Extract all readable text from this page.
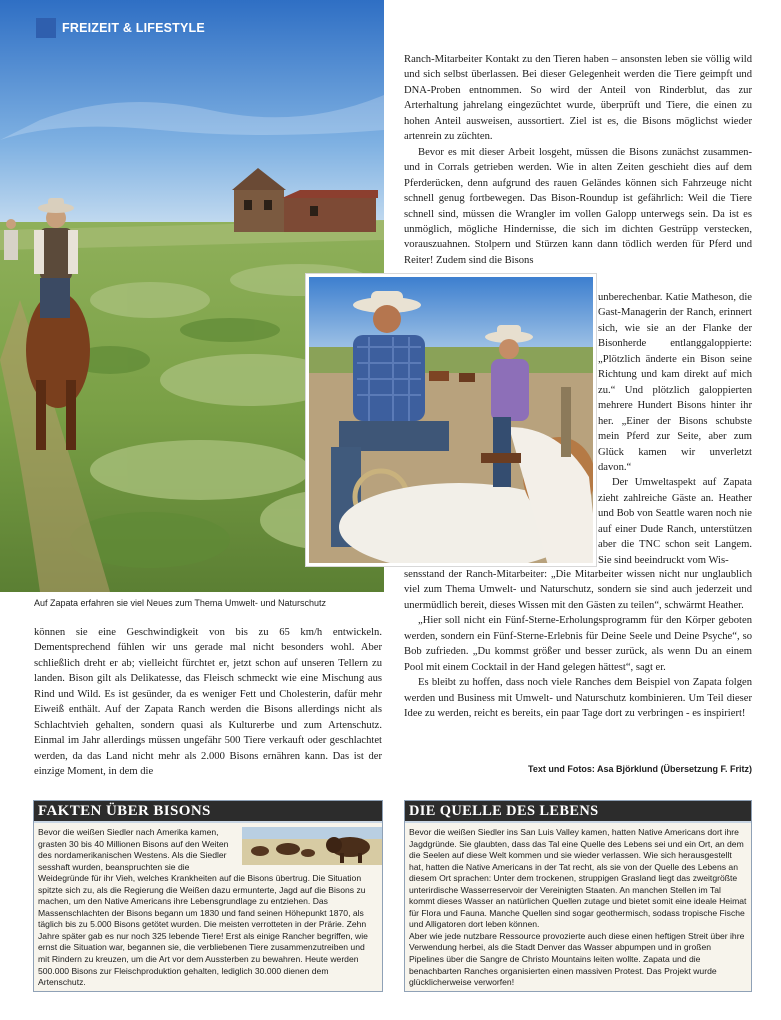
FREIZEIT & LIFESTYLE
Auf Zapata erfahren sie viel Neues zum Thema Umwelt- und Naturschutz

Ranch-Mitarbeiter Kontakt zu den Tieren haben – ansonsten leben sie völlig wild und sich selbst überlassen. Bei dieser Gelegenheit werden die Tiere geimpft und DNA-Proben entnommen. So wird der Anteil von Rinderblut, das zur Arterhaltung jahrelang eingezüchtet wurde, überprüft und Tiere, die einen zu hohen Anteil ausweisen, aussortiert. Ziel ist es, die Bisons möglichst wieder artenrein zu züchten.

Bevor es mit dieser Arbeit losgeht, müssen die Bisons zunächst zusammen- und in Corrals getrieben werden. Wie in alten Zeiten geschieht dies auf dem Pferderücken, denn aufgrund des rauen Geländes können sich Fahrzeuge nicht schnell genug fortbewegen. Das Bison-Roundup ist gefährlich: Weil die Tiere schnell sind, müssen die Wrangler im vollen Galopp unterwegs sein. Da ist es unmöglich, mögliche Hindernisse, die sich im dichten Gestrüpp verstecken, vorauszuahnen. Stolpern und Stürzen kann dann tödlich werden für Pferd und Reiter! Zudem sind die Bisons

unberechenbar. Katie Matheson, die Gast-Managerin der Ranch, erinnert sich, wie sie an der Flanke der Bisonherde entlanggaloppierte: „Plötzlich änderte ein Bison seine Richtung und kam direkt auf mich zu.“ Und plötzlich galoppierten mehrere Hundert Bisons hinter ihr her. „Einer der Bisons schubste mein Pferd zur Seite, aber zum Glück kamen wir unverletzt davon.“

Der Umweltaspekt auf Zapata zieht zahlreiche Gäste an. Heather und Bob von Seattle waren noch nie auf einer Dude Ranch, unterstützen aber die TNC schon seit Langem. Sie sind beeindruckt vom Wis-

sensstand der Ranch-Mitarbeiter: „Die Mitarbeiter wissen nicht nur unglaublich viel zum Thema Umwelt- und Naturschutz, sondern sie sind auch jederzeit und unermüdlich bereit, dieses Wissen mit den Gästen zu teilen“, schwärmt Heather.

„Hier soll nicht ein Fünf-Sterne-Erholungsprogramm für den Körper geboten werden, sondern ein Fünf-Sterne-Erlebnis für Deine Seele und Deine Psyche“, so Bob zufrieden. „Du kommst größer und besser zurück, als wenn Du an einem Pool mit einem Cocktail in der Hand gelegen hättest“, sagt er.

Es bleibt zu hoffen, dass noch viele Ranches dem Beispiel von Zapata folgen werden und Business mit Umwelt- und Naturschutz kombinieren. Um Teil dieser Idee zu werden, reicht es bereits, ein paar Tage dort zu verbringen - es inspiriert!

Text und Fotos: Asa Björklund (Übersetzung F. Fritz)

können sie eine Geschwindigkeit von bis zu 65 km/h entwickeln. Dementsprechend fühlen wir uns gerade mal nicht besonders wohl. Aber schließlich dreht er ab; vielleicht fürchtet er, jetzt schon auf unseren Tellern zu landen. Bison gilt als Delikatesse, das Fleisch schmeckt wie eine Mischung aus Rind und Wild. Es ist gesünder, da es weniger Fett und Cholesterin, dafür mehr Eiweiß enthält. Auf der Zapata Ranch werden die Bisons allerdings nicht als Schlachtvieh gehalten, sondern quasi als Kulturerbe und zum Artenschutz. Einmal im Jahr allerdings müssen ungefähr 500 Tiere verkauft oder geschlachtet werden, da das Land nicht mehr als 2.000 Bisons ernähren kann. Das ist der einzige Moment, in dem die

FAKTEN ÜBER BISONS

Bevor die weißen Siedler nach Amerika kamen, grasten 30 bis 40 Millionen Bisons auf den Weiten des nordamerikanischen Westens. Als die Siedler sesshaft wurden, beanspruchten sie die Weidegründe für ihr Vieh, welches Krankheiten auf die Bisons übertrug. Die Situation spitzte sich zu, als die Regierung die Weißen dazu ermunterte, Jagd auf die Bisons zu machen, um den Native Americans ihre Lebensgrundlage zu entziehen. Das Massenschlachten der Bisons begann um 1830 und fand seinen Höhepunkt 1870, als täglich bis zu 5.000 Bisons getötet wurden. Die meisten verrotteten in der Prärie. Zehn Jahre später gab es nur noch 325 lebende Tiere! Erst als einige Rancher begriffen, wie ernst die Situation war, begannen sie, die verbliebenen Tiere zusammenzutreiben und mit Rindern zu kreuzen, um die Art vor dem Aussterben zu bewahren. Heute werden 500.000 Bisons zur Fleischproduktion gehalten, lediglich 30.000 dienen dem Artenschutz.

DIE QUELLE DES LEBENS

Bevor die weißen Siedler ins San Luis Valley kamen, hatten Native Americans dort ihre Jagdgründe. Sie glaubten, dass das Tal eine Quelle des Lebens sei und ein Ort, an dem die Seelen auf diese Welt kommen und sie wieder verlassen. Wie sich herausgestellt hat, hatten die Native Americans in der Tat recht, als sie von der Quelle des Lebens an diesem Ort sprachen: Unter dem trockenen, struppigen Grasland liegt das zweitgrößte unterirdische Wasserreservoir der Vereinigten Staaten. An manchen Stellen im Tal kommt dieses Wasser an natürlichen Quellen zutage und bietet somit eine ideale Heimat für Flora und Fauna. Manche Quellen sind sogar geothermisch, sodass tropische Fische und Alligatoren dort leben können.

Aber wie jede nutzbare Ressource provozierte auch diese einen heftigen Streit über ihre Verwendung herbei, als die Stadt Denver das Wasser abpumpen und in großen Pipelines über die Sangre de Christo Mountains leiten wollte. Zapata und die benachbarten Ranches organisierten einen massiven Protest. Das Projekt wurde glücklicherweise verworfen!
